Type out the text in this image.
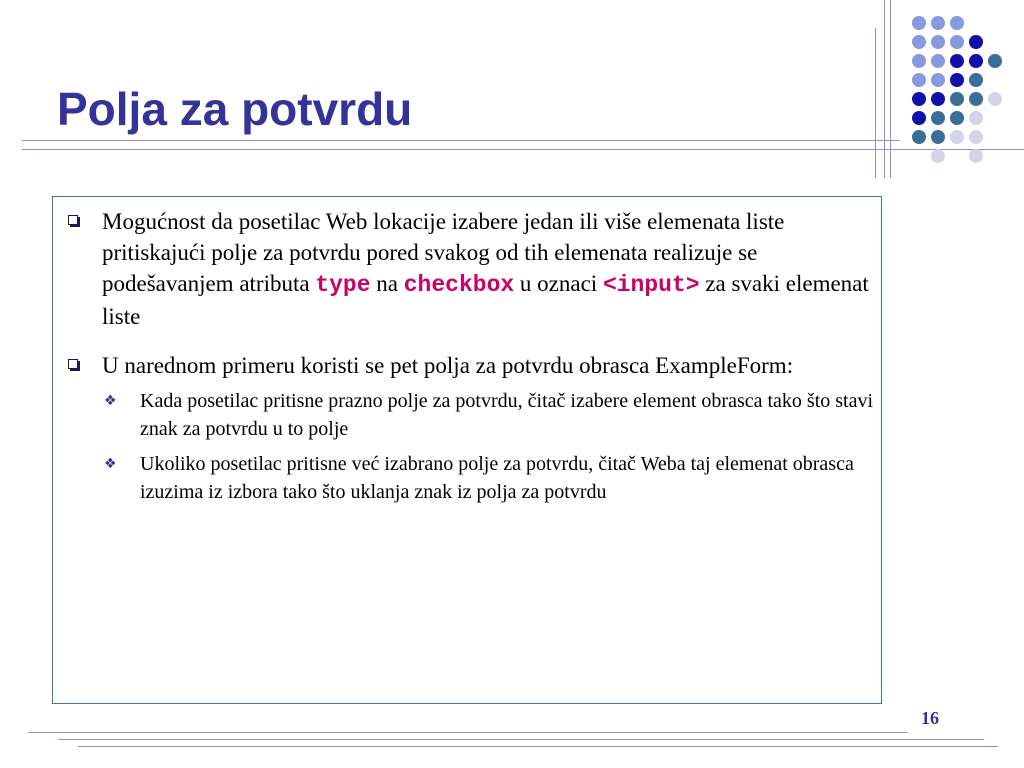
Polja za potvrdu
Mogućnost da posetilac Web lokacije izabere jedan ili više elemenata liste pritiskajući polje za potvrdu pored svakog od tih elemenata realizuje se podešavanjem atributa type na checkbox u oznaci <input> za svaki elemenat liste
U narednom primeru koristi se pet polja za potvrdu obrasca ExampleForm:
❖ Kada posetilac pritisne prazno polje za potvrdu, čitač izabere element obrasca tako što stavi znak za potvrdu u to polje
❖ Ukoliko posetilac pritisne već izabrano polje za potvrdu, čitač Weba taj elemenat obrasca izuzima iz izbora tako što uklanja znak iz polja za potvrdu
16
